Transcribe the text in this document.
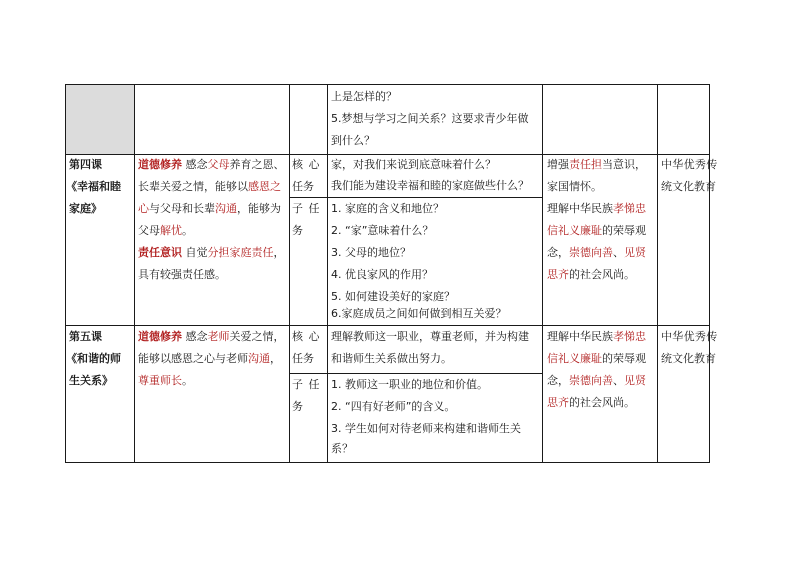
上是怎样的？
5.梦想与学习之间关系？这要求青少年做
到什么？
第四课
《幸福和睦
家庭》
道德修养 感念父母养育之恩、
长辈关爱之情，能够以感恩之
心与父母和长辈沟通，能够为
父母解忧。
责任意识 自觉分担家庭责任，
具有较强责任感。
核 心
任务
家，对我们来说到底意味着什么？
我们能为建设幸福和睦的家庭做些什么？
子 任
务
1. 家庭的含义和地位？
2. “家”意味着什么？
3. 父母的地位？
4. 优良家风的作用？
5. 如何建设美好的家庭？
6.家庭成员之间如何做到相互关爱？
增强责任担当意识，
家国情怀。
理解中华民族孝悌忠
信礼义廉耻的荣辱观
念，崇德向善、见贤
思齐的社会风尚。
中华优秀传
统文化教育
第五课
《和谐的师
生关系》
道德修养 感念老师关爱之情，
能够以感恩之心与老师沟通，
尊重师长。
核 心
任务
理解教师这一职业，尊重老师，并为构建
和谐师生关系做出努力。
子 任
务
1. 教师这一职业的地位和价值。
2. “四有好老师”的含义。
3. 学生如何对待老师来构建和谐师生关
系？
理解中华民族孝悌忠
信礼义廉耻的荣辱观
念，崇德向善、见贤
思齐的社会风尚。
中华优秀传
统文化教育
